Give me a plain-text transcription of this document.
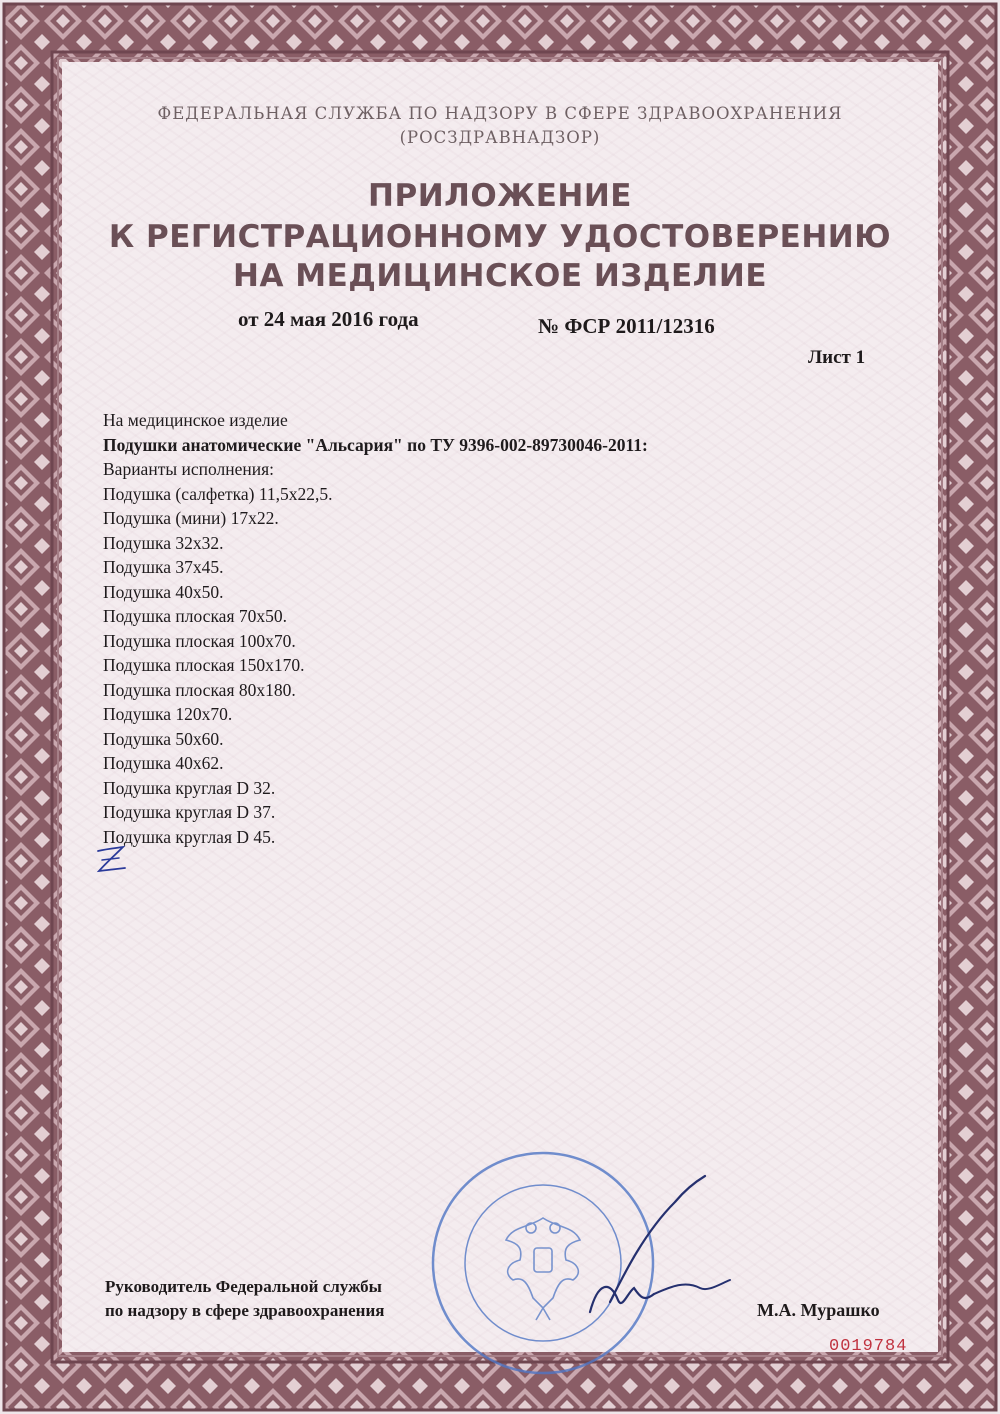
ФЕДЕРАЛЬНАЯ СЛУЖБА ПО НАДЗОРУ В СФЕРЕ ЗДРАВООХРАНЕНИЯ
(РОСЗДРАВНАДЗОР)
ПРИЛОЖЕНИЕ
К РЕГИСТРАЦИОННОМУ УДОСТОВЕРЕНИЮ
НА МЕДИЦИНСКОЕ ИЗДЕЛИЕ
от 24 мая 2016 года	№ ФСР 2011/12316
Лист 1
На медицинское изделие
Подушки анатомические "Альсария" по ТУ 9396-002-89730046-2011:
Варианты исполнения:
Подушка (салфетка) 11,5х22,5.
Подушка (мини) 17х22.
Подушка 32х32.
Подушка 37х45.
Подушка 40х50.
Подушка плоская 70х50.
Подушка плоская 100х70.
Подушка плоская 150х170.
Подушка плоская 80х180.
Подушка 120х70.
Подушка 50х60.
Подушка 40х62.
Подушка круглая D 32.
Подушка круглая D 37.
Подушка круглая D 45.
Руководитель Федеральной службы
по надзору в сфере здравоохранения	М.А. Мурашко
0019784
